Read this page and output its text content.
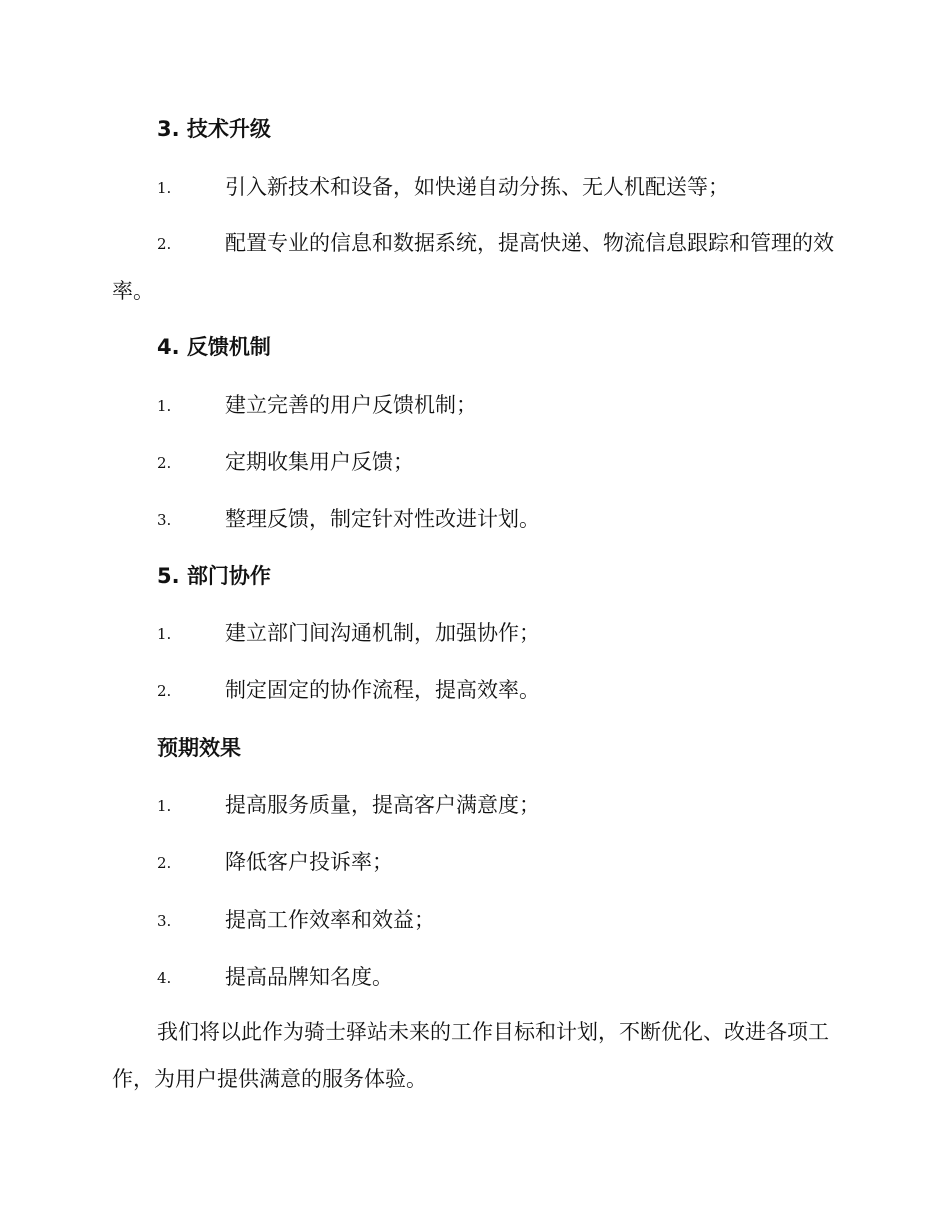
3. 技术升级
1.	引入新技术和设备，如快递自动分拣、无人机配送等；

2.	配置专业的信息和数据系统，提高快递、物流信息跟踪和管理的效率。

4. 反馈机制
1.	建立完善的用户反馈机制；
2.	定期收集用户反馈；
3.	整理反馈，制定针对性改进计划。
5. 部门协作
1.	建立部门间沟通机制，加强协作；
2.	制定固定的协作流程，提高效率。
预期效果
1.	提高服务质量，提高客户满意度；
2.	降低客户投诉率；
3.	提高工作效率和效益；
4.	提高品牌知名度。

我们将以此作为骑士驿站未来的工作目标和计划，不断优化、改进各项工作，为用户提供满意的服务体验。
